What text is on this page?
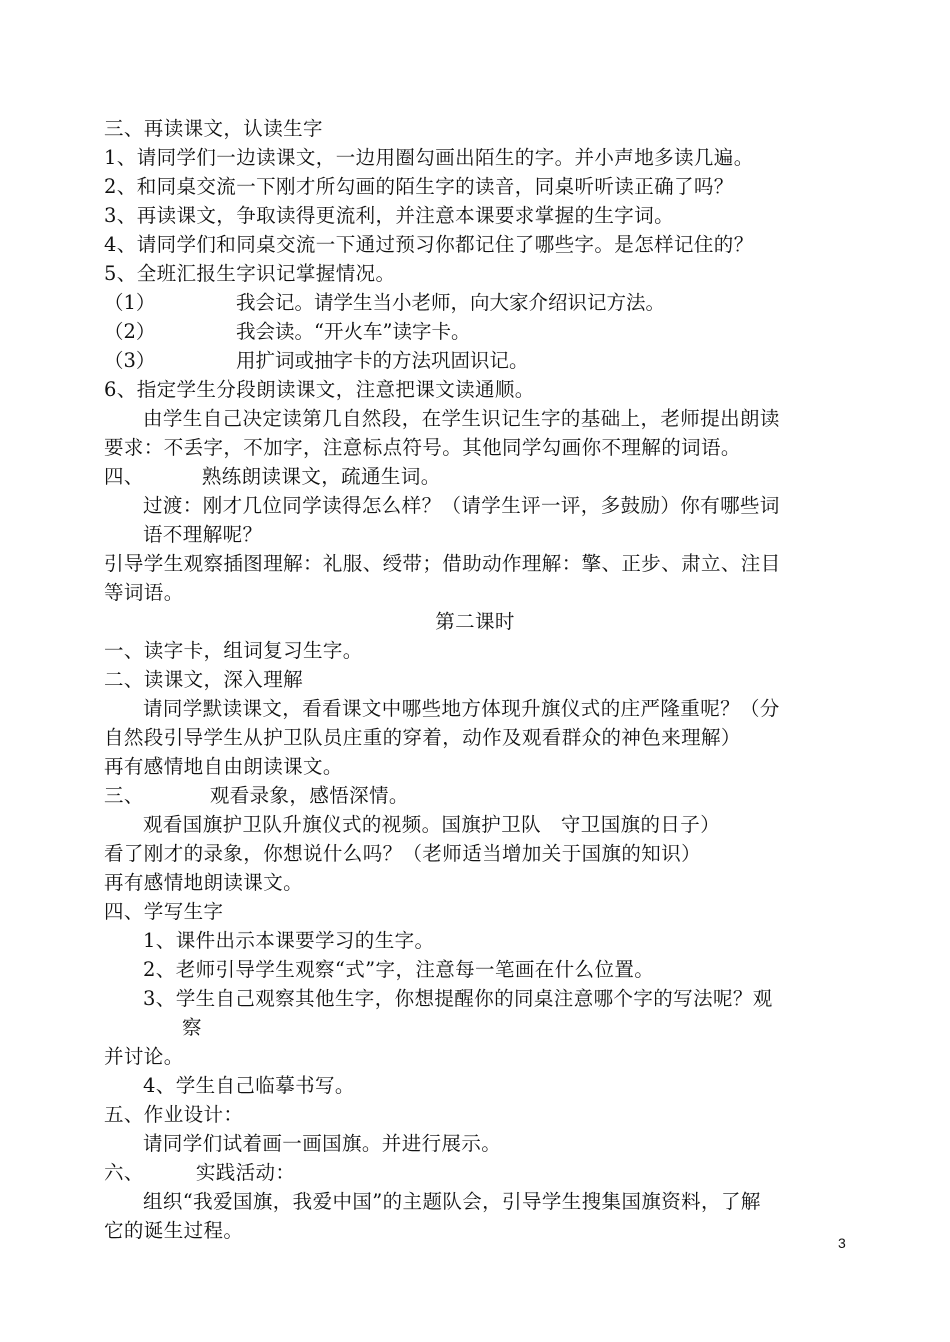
三、再读课文，认读生字
1、请同学们一边读课文，一边用圈勾画出陌生的字。并小声地多读几遍。
2、和同桌交流一下刚才所勾画的陌生字的读音，同桌听听读正确了吗？
3、再读课文，争取读得更流利，并注意本课要求掌握的生字词。
4、请同学们和同桌交流一下通过预习你都记住了哪些字。是怎样记住的？
5、全班汇报生字识记掌握情况。
（1）	我会记。请学生当小老师，向大家介绍识记方法。
（2）	我会读。“开火车”读字卡。
（3）	用扩词或抽字卡的方法巩固识记。
6、指定学生分段朗读课文，注意把课文读通顺。
由学生自己决定读第几自然段，在学生识记生字的基础上，老师提出朗读
要求：不丢字，不加字，注意标点符号。其他同学勾画你不理解的词语。
四、	熟练朗读课文，疏通生词。
过渡：刚才几位同学读得怎么样？（请学生评一评，多鼓励）你有哪些词
语不理解呢？
引导学生观察插图理解：礼服、绶带；借助动作理解：擎、正步、肃立、注目
等词语。
第二课时
一、读字卡，组词复习生字。
二、读课文，深入理解
请同学默读课文，看看课文中哪些地方体现升旗仪式的庄严隆重呢？（分
自然段引导学生从护卫队员庄重的穿着，动作及观看群众的神色来理解）
再有感情地自由朗读课文。
三、	观看录象，感悟深情。
观看国旗护卫队升旗仪式的视频。国旗护卫队　守卫国旗的日子）
看了刚才的录象，你想说什么吗？（老师适当增加关于国旗的知识）
再有感情地朗读课文。
四、学写生字
1、课件出示本课要学习的生字。
2、老师引导学生观察“式”字，注意每一笔画在什么位置。
3、学生自己观察其他生字，你想提醒你的同桌注意哪个字的写法呢？观
察
并讨论。
4、学生自己临摹书写。
五、作业设计：
请同学们试着画一画国旗。并进行展示。
六、	实践活动：
组织“我爱国旗，我爱中国”的主题队会，引导学生搜集国旗资料，了解
它的诞生过程。
3
